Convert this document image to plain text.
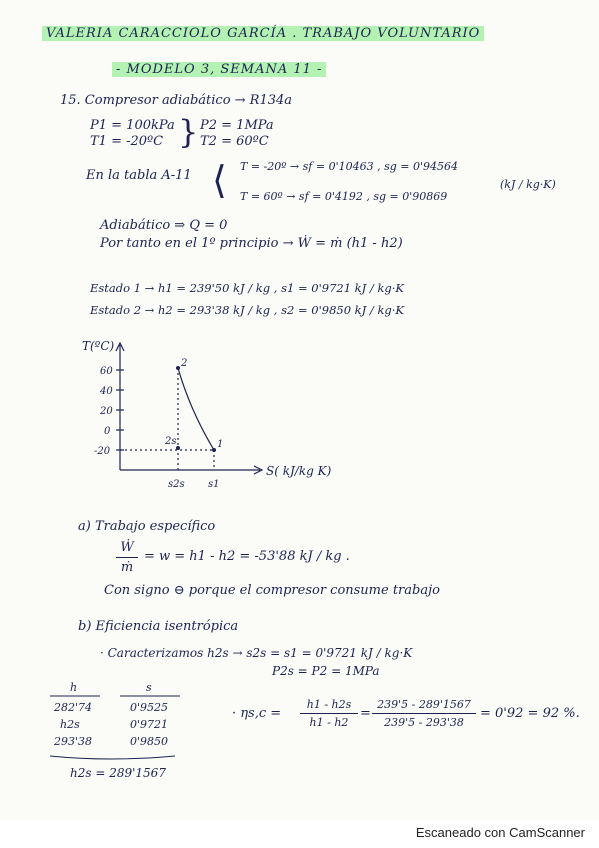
VALERIA CARACCIOLO GARCÍA . TRABAJO VOLUNTARIO
- MODELO 3, SEMANA 11 -
15. Compresor adiabático → R134a
P1 = 100kPa
T1 = -20ºC } P2 = 1MPa
T2 = 60ºC
En la tabla A-11 ⟨ T = -20º → sf = 0'10463 , sg = 0'94564
T = 60º → sf = 0'4192 , sg = 0'90869
(kJ / kg·K)
Adiabático ⇒ Q = 0
Por tanto en el 1º principio → Ẇ = ṁ (h1 - h2)
Estado 1 → h1 = 239'50 kJ / kg , s1 = 0'9721 kJ / kg·K
Estado 2 → h2 = 293'38 kJ / kg , s2 = 0'9850 kJ / kg·K
T(ºC)
S( kJ/kg K)
60
40
20
0
-20
s2s s1
2
2s	1
a) Trabajo específico
Ẇ
ṁ
= w = h1 - h2 = -53'88 kJ / kg .
Con signo ⊖ porque el compresor consume trabajo
b) Eficiencia isentrópica
· Caracterizamos h2s → s2s = s1 = 0'9721 kJ / kg·K
P2s = P2 = 1MPa
h	s
282'74	0'9525
h2s	0'9721
293'38	0'9850
h2s = 289'1567
· ηs,c =
h1 - h2s
h1 - h2
=
239'5 - 289'1567
239'5 - 293'38
= 0'92 = 92 %.
Escaneado con CamScanner
